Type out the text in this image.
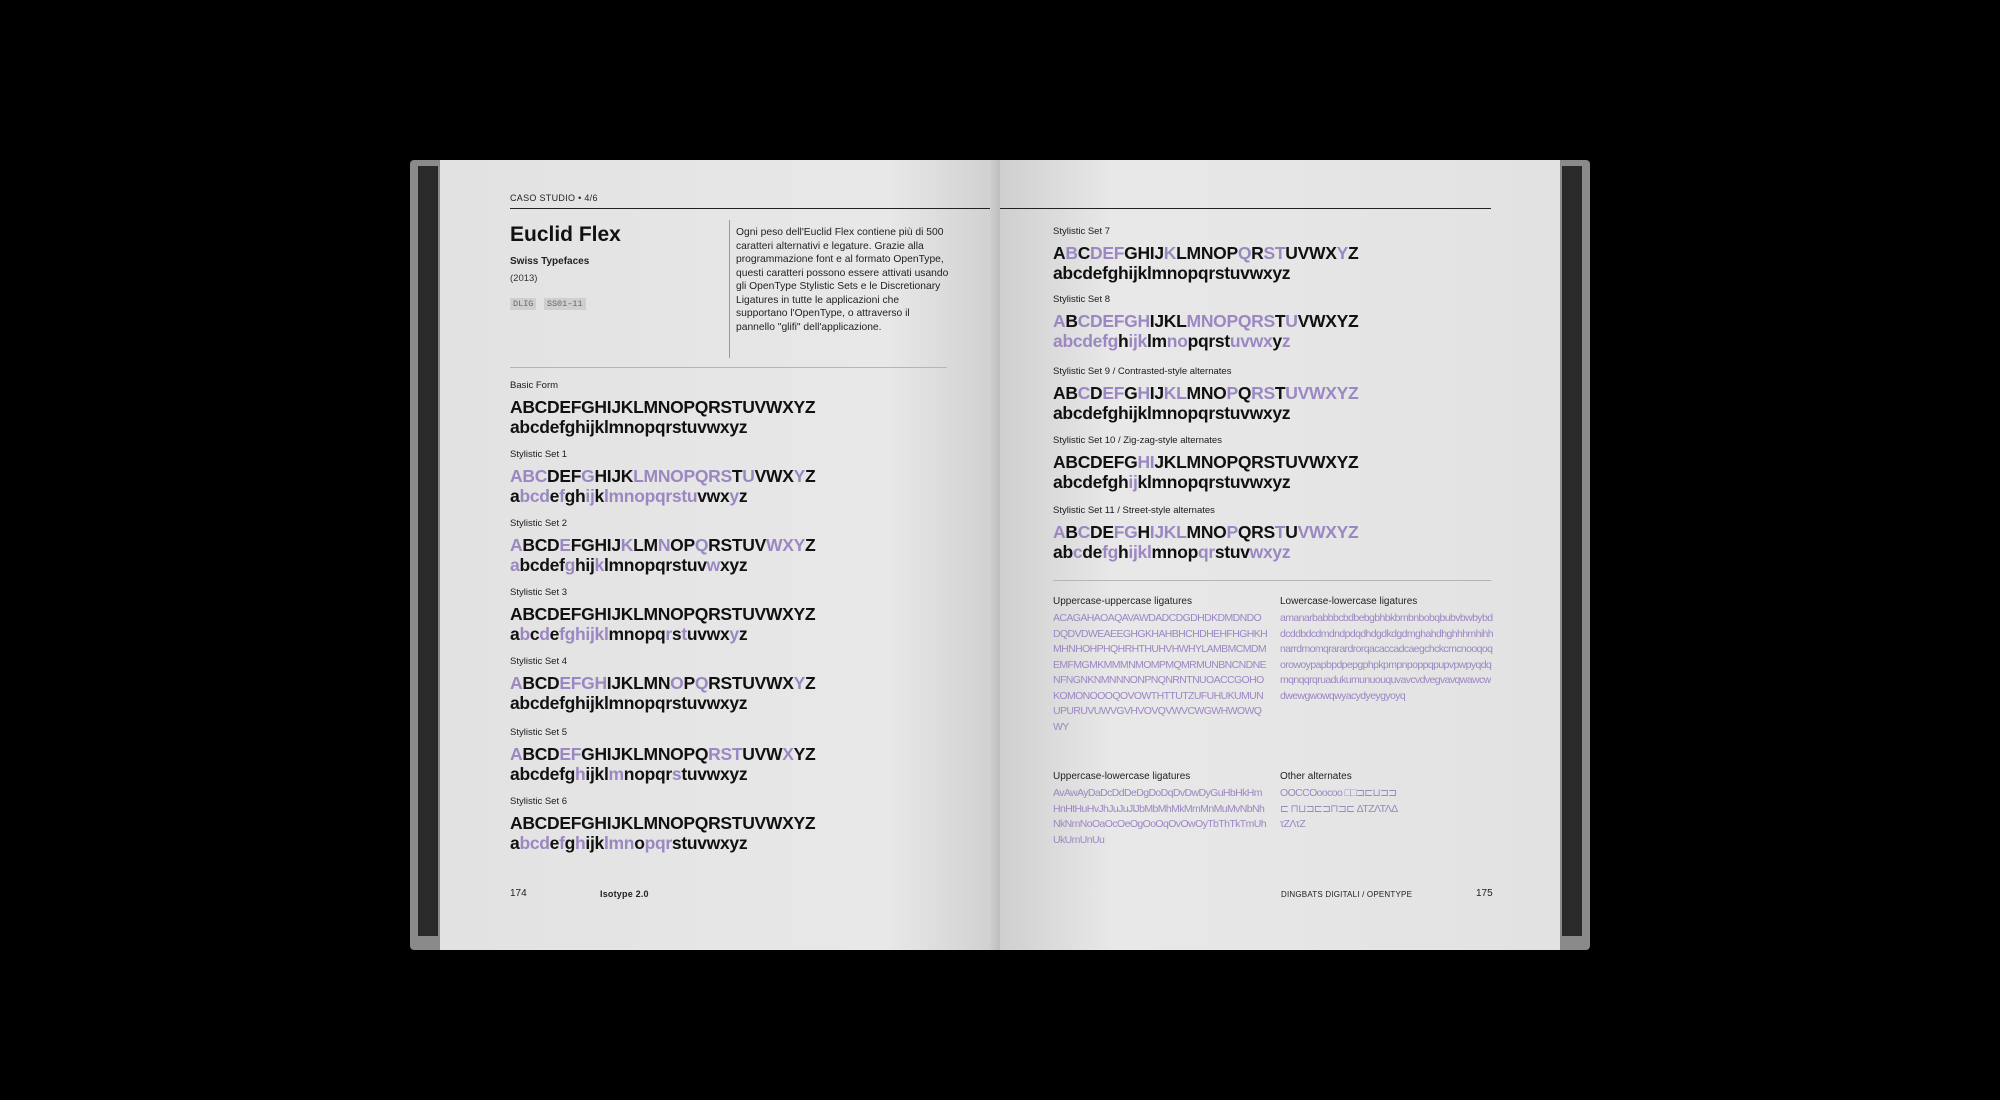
CASO STUDIO • 4/6
Euclid Flex
Swiss Typefaces
(2013)
DLIG SS01–11
Ogni peso dell'Euclid Flex contiene più di 500 caratteri alternativi e legature. Grazie alla programmazione font e al formato OpenType, questi caratteri possono essere attivati usando gli OpenType Stylistic Sets e le Discretionary Ligatures in tutte le applicazioni che supportano l'OpenType, o attraverso il pannello "glifi" dell'applicazione.
Basic Form
ABCDEFGHIJKLMNOPQRSTUVWXYZ
abcdefghijklmnopqrstuvwxyz
Stylistic Set 1
ABCDEFGHIJKLMNOPQRSTUVWXYZ
abcdefghijklmnopqrstuvwxyz
Stylistic Set 2
ABCDEFGHIJKLMNOPQRSTUVWXYZ
abcdefghijklmnopqrstuvwxyz
Stylistic Set 3
ABCDEFGHIJKLMNOPQRSTUVWXYZ
abcdefghijklmnopqrstuvwxyz
Stylistic Set 4
ABCDEFGHIJKLMNOPQRSTUVWXYZ
abcdefghijklmnopqrstuvwxyz
Stylistic Set 5
ABCDEFGHIJKLMNOPQRSTUVWXYZ
abcdefghijklmnopqrstuvwxyz
Stylistic Set 6
ABCDEFGHIJKLMNOPQRSTUVWXYZ
abcdefghijklmnopqrstuvwxyz
174	Isotype 2.0
Stylistic Set 7
ABCDEFGHIJKLMNOPQRSTUVWXYZ
abcdefghijklmnopqrstuvwxyz
Stylistic Set 8
ABCDEFGHIJKLMNOPQRSTUVWXYZ
abcdefghijklmnopqrstuvwxyz
Stylistic Set 9 / Contrasted-style alternates
ABCDEFGHIJKLMNOPQRSTUVWXYZ
abcdefghijklmnopqrstuvwxyz
Stylistic Set 10 / Zig-zag-style alternates
ABCDEFGHIJKLMNOPQRSTUVWXYZ
abcdefghijklmnopqrstuvwxyz
Stylistic Set 11 / Street-style alternates
ABCDEFGHIJKLMNOPQRSTUVWXYZ
abcdefghijklmnopqrstuvwxyz
Uppercase-uppercase ligatures
ACAGAHAOAQAVAWDADCDGDHDKDMDNDODQDVDWEAEEGHGKHAHBHCHDHEHFHGHKHMHNHOHPHQHRHTHUHVHWHYLAMBMCMDMEMFMGMKMMMNMOMPMQMRMUNBNCNDNENFNGNKNMNNNONPNQNRNTNUOACCGOHOKOMONOOOQOVOWTHTTUTZUFUHUKUMUNUPURUVUWVGVHVOVQVWVCWGWHWOWQWY
Lowercase-lowercase ligatures
amanarbabbbcbdbebgbhbkbmbnbobqbubvbwbybddcddbdcdmdndpdqdhdgdkdgdmghahdhghhhmhihhnarrdmomqrarardrorqacaccadcaegchckcmcnooqoqorowoypapbpdpepgphpkpmpnpoppqpupvpwpyqdqmqnqqrqruadukumunuouquvavcvdvegvavqwawcwdwewgwowqwyacydyeygyoyq
Uppercase-lowercase ligatures
AvAwAyDaDcDdDeDgDoDqDvDwDyGuHbHkHmHnHtHuHvJhJuJuJlJbMbMhMkMmMnMuMvNbNhNkNmNoOaOcOeOgOoOqOvOwOyTbThTkTmUhUkUmUnUu
Other alternates
OOCCOoocoo □□⊐⊏⊔⊐⊐⊏ ⊓⊔⊐⊏⊐⊓⊐⊏ ΔΤΖΛΤΛΔτΖΛτΖ
DINGBATS DIGITALI / OPENTYPE	175
